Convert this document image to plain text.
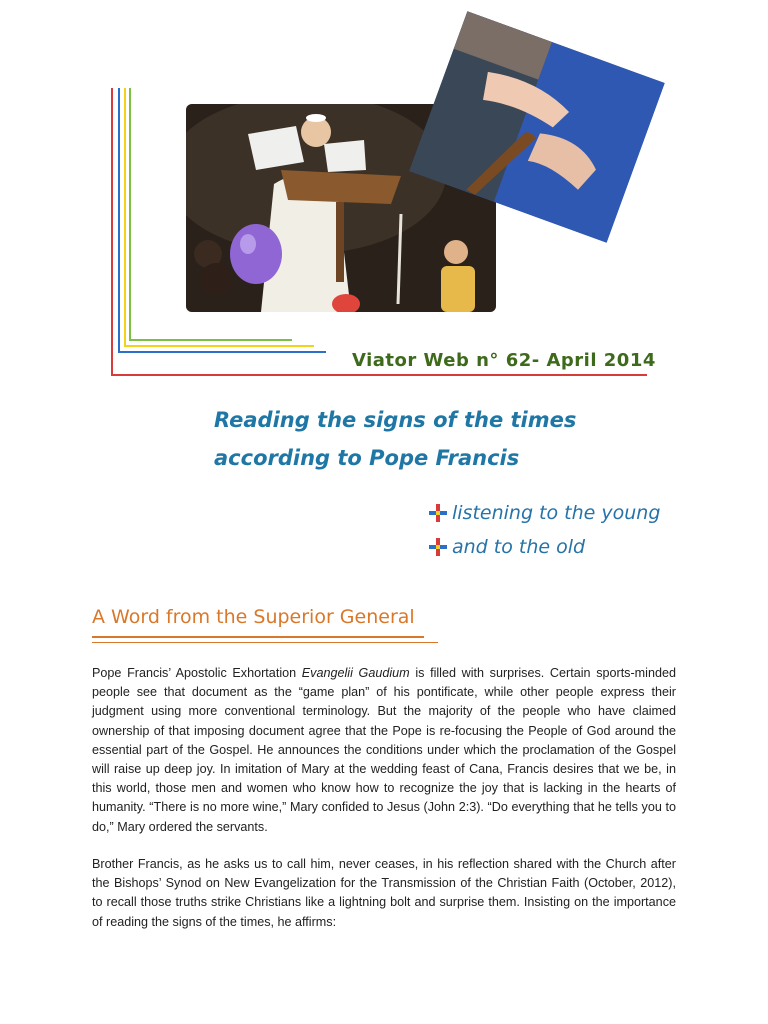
Viator Web n° 62- April 2014
Reading the signs of the times
according to Pope Francis
listening to the young
and to the old
A Word from the Superior General
Pope Francis’ Apostolic Exhortation Evangelii Gaudium is filled with surprises. Certain sports-minded people see that document as the “game plan” of his pontificate, while other people express their judgment using more conventional terminology. But the majority of the people who have claimed ownership of that imposing document agree that the Pope is re-focusing the People of God around the essential part of the Gospel. He announces the conditions under which the proclamation of the Gospel will raise up deep joy. In imitation of Mary at the wedding feast of Cana, Francis desires that we be, in this world, those men and women who know how to recognize the joy that is lacking in the hearts of humanity. “There is no more wine,” Mary confided to Jesus (John 2:3). “Do everything that he tells you to do,” Mary ordered the servants.
Brother Francis, as he asks us to call him, never ceases, in his reflection shared with the Church after the Bishops’ Synod on New Evangelization for the Transmission of the Christian Faith (October, 2012), to recall those truths strike Christians like a lightning bolt and surprise them. Insisting on the importance of reading the signs of the times, he affirms:
